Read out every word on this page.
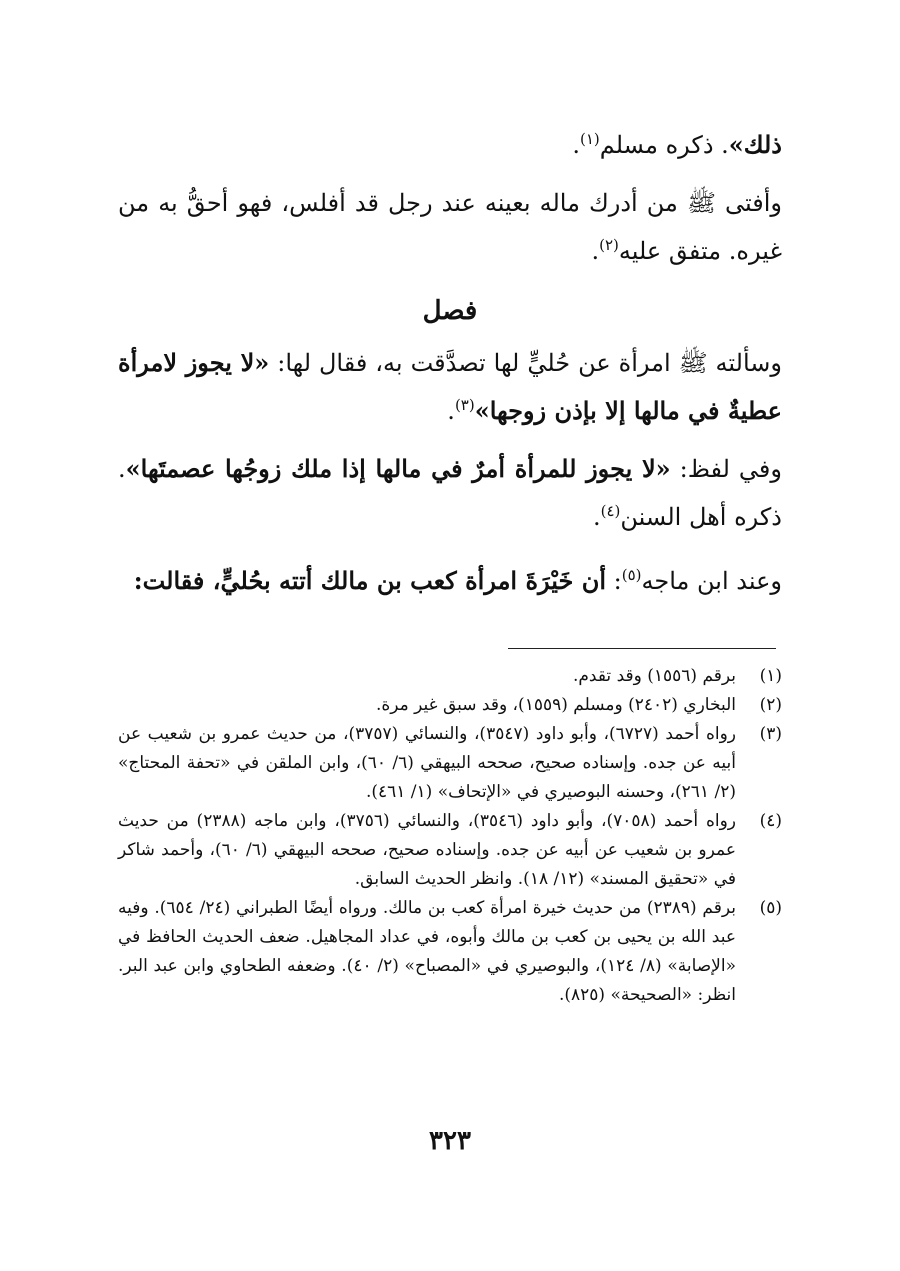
ذلك». ذكره مسلم$^{(١)}$.

وأفتى ﷺ من أدرك ماله بعينه عند رجل قد أفلس، فهو أحقُّ به من غيره. متفق عليه$^{(٢)}$.

فصل

وسألته ﷺ امرأة عن حُليٍّ لها تصدَّقت به، فقال لها: «لا يجوز لامرأة عطيةٌ في مالها إلا بإذن زوجها»$^{(٣)}$.

وفي لفظ: «لا يجوز للمرأة أمرٌ في مالها إذا ملك زوجُها عصمتَها». ذكره أهل السنن$^{(٤)}$.

وعند ابن ماجه$^{(٥)}$: أن خَيْرَةَ امرأة كعب بن مالك أتته بحُليٍّ، فقالت:

(١)
برقم (١٥٥٦) وقد تقدم.
(٢)
البخاري (٢٤٠٢) ومسلم (١٥٥٩)، وقد سبق غير مرة.
(٣)
رواه أحمد (٦٧٢٧)، وأبو داود (٣٥٤٧)، والنسائي (٣٧٥٧)، من حديث عمرو بن شعيب عن أبيه عن جده. وإسناده صحيح، صححه البيهقي (٦/ ٦٠)، وابن الملقن في «تحفة المحتاج» (٢/ ٢٦١)، وحسنه البوصيري في «الإتحاف» (١/ ٤٦١).
(٤)
رواه أحمد (٧٠٥٨)، وأبو داود (٣٥٤٦)، والنسائي (٣٧٥٦)، وابن ماجه (٢٣٨٨) من حديث عمرو بن شعيب عن أبيه عن جده. وإسناده صحيح، صححه البيهقي (٦/ ٦٠)، وأحمد شاكر في «تحقيق المسند» (١٢/ ١٨). وانظر الحديث السابق.
(٥)
برقم (٢٣٨٩) من حديث خيرة امرأة كعب بن مالك. ورواه أيضًا الطبراني (٢٤/ ٦٥٤). وفيه عبد الله بن يحيى بن كعب بن مالك وأبوه، في عداد المجاهيل. ضعف الحديث الحافظ في «الإصابة» (٨/ ١٢٤)، والبوصيري في «المصباح» (٢/ ٤٠). وضعفه الطحاوي وابن عبد البر. انظر: «الصحيحة» (٨٢٥).
٣٢٣
